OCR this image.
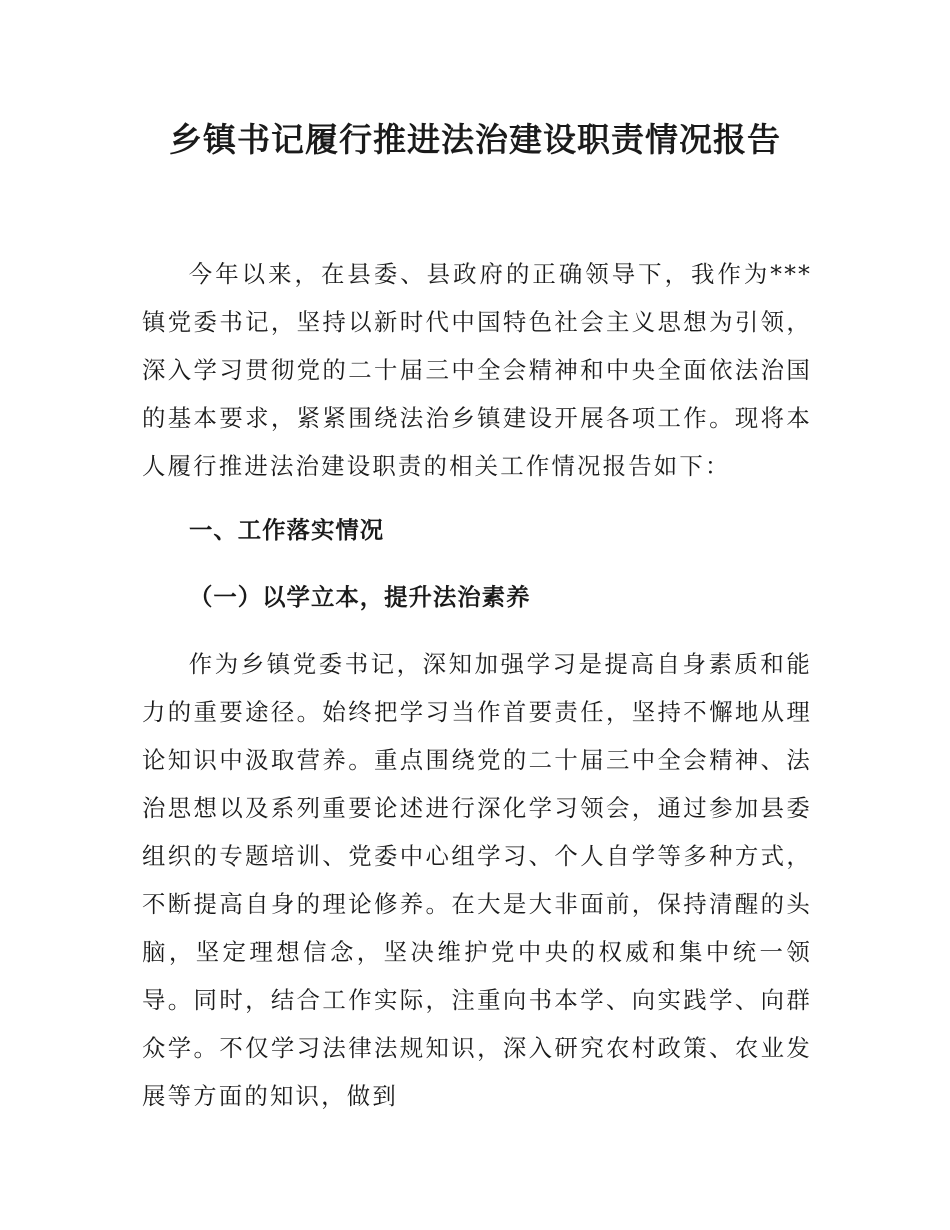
乡镇书记履行推进法治建设职责情况报告

今年以来，在县委、县政府的正确领导下，我作为***镇党委书记，坚持以新时代中国特色社会主义思想为引领，深入学习贯彻党的二十届三中全会精神和中央全面依法治国的基本要求，紧紧围绕法治乡镇建设开展各项工作。现将本人履行推进法治建设职责的相关工作情况报告如下：

一、工作落实情况

（一）以学立本，提升法治素养

作为乡镇党委书记，深知加强学习是提高自身素质和能力的重要途径。始终把学习当作首要责任，坚持不懈地从理论知识中汲取营养。重点围绕党的二十届三中全会精神、法治思想以及系列重要论述进行深化学习领会，通过参加县委组织的专题培训、党委中心组学习、个人自学等多种方式，不断提高自身的理论修养。在大是大非面前，保持清醒的头脑，坚定理想信念，坚决维护党中央的权威和集中统一领导。同时，结合工作实际，注重向书本学、向实践学、向群众学。不仅学习法律法规知识，深入研究农村政策、农业发展等方面的知识，做到
